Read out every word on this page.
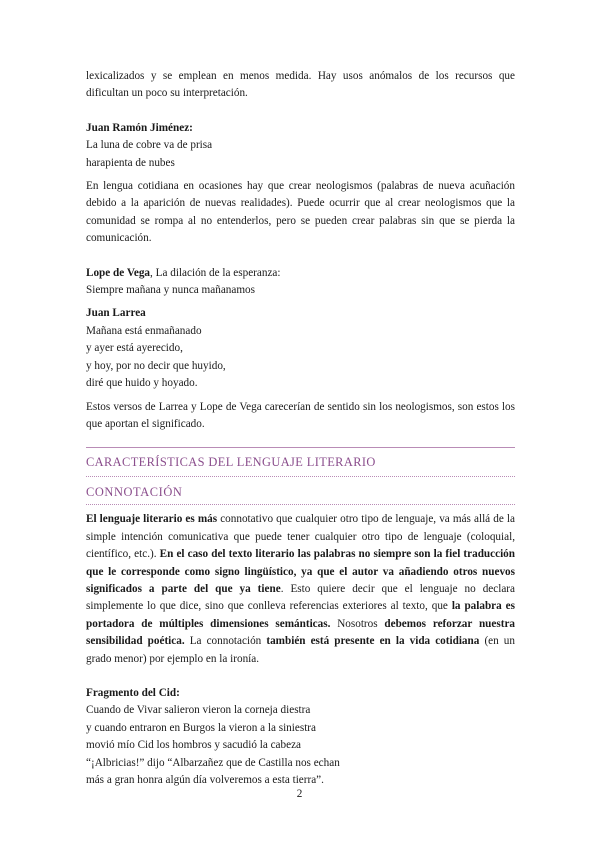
lexicalizados y se emplean en menos medida. Hay usos anómalos de los recursos que

dificultan un poco su interpretación.

Juan Ramón Jiménez:

La luna de cobre va de prisa

harapienta de nubes

En lengua cotidiana en ocasiones hay que crear neologismos (palabras de nueva acuñación debido a la aparición de nuevas realidades). Puede ocurrir que al crear neologismos que la comunidad se rompa al no entenderlos, pero se pueden crear palabras sin que se pierda la comunicación.

Lope de Vega, La dilación de la esperanza:

Siempre mañana y nunca mañanamos

Juan Larrea

Mañana está enmañanado

y ayer está ayerecido,

y hoy, por no decir que huyido,

diré que huido y hoyado.

Estos versos de Larrea y Lope de Vega carecerían de sentido sin los neologismos, son estos los que aportan el significado.

CARACTERÍSTICAS DEL LENGUAJE LITERARIO
CONNOTACIÓN

El lenguaje literario es más connotativo que cualquier otro tipo de lenguaje, va más allá de la simple intención comunicativa que puede tener cualquier otro tipo de lenguaje (coloquial, científico, etc.). En el caso del texto literario las palabras no siempre son la fiel traducción que le corresponde como signo lingüístico, ya que el autor va añadiendo otros nuevos significados a parte del que ya tiene. Esto quiere decir que el lenguaje no declara simplemente lo que dice, sino que conlleva referencias exteriores al texto, que la palabra es portadora de múltiples dimensiones semánticas. Nosotros debemos reforzar nuestra sensibilidad poética. La connotación también está presente en la vida cotidiana (en un grado menor) por ejemplo en la ironía.

Fragmento del Cid:

Cuando de Vivar salieron vieron la corneja diestra

y cuando entraron en Burgos la vieron a la siniestra

movió mío Cid los hombros y sacudió la cabeza

“¡Albricias!” dijo “Albarzañez que de Castilla nos echan

más a gran honra algún día volveremos a esta tierra”.

2
